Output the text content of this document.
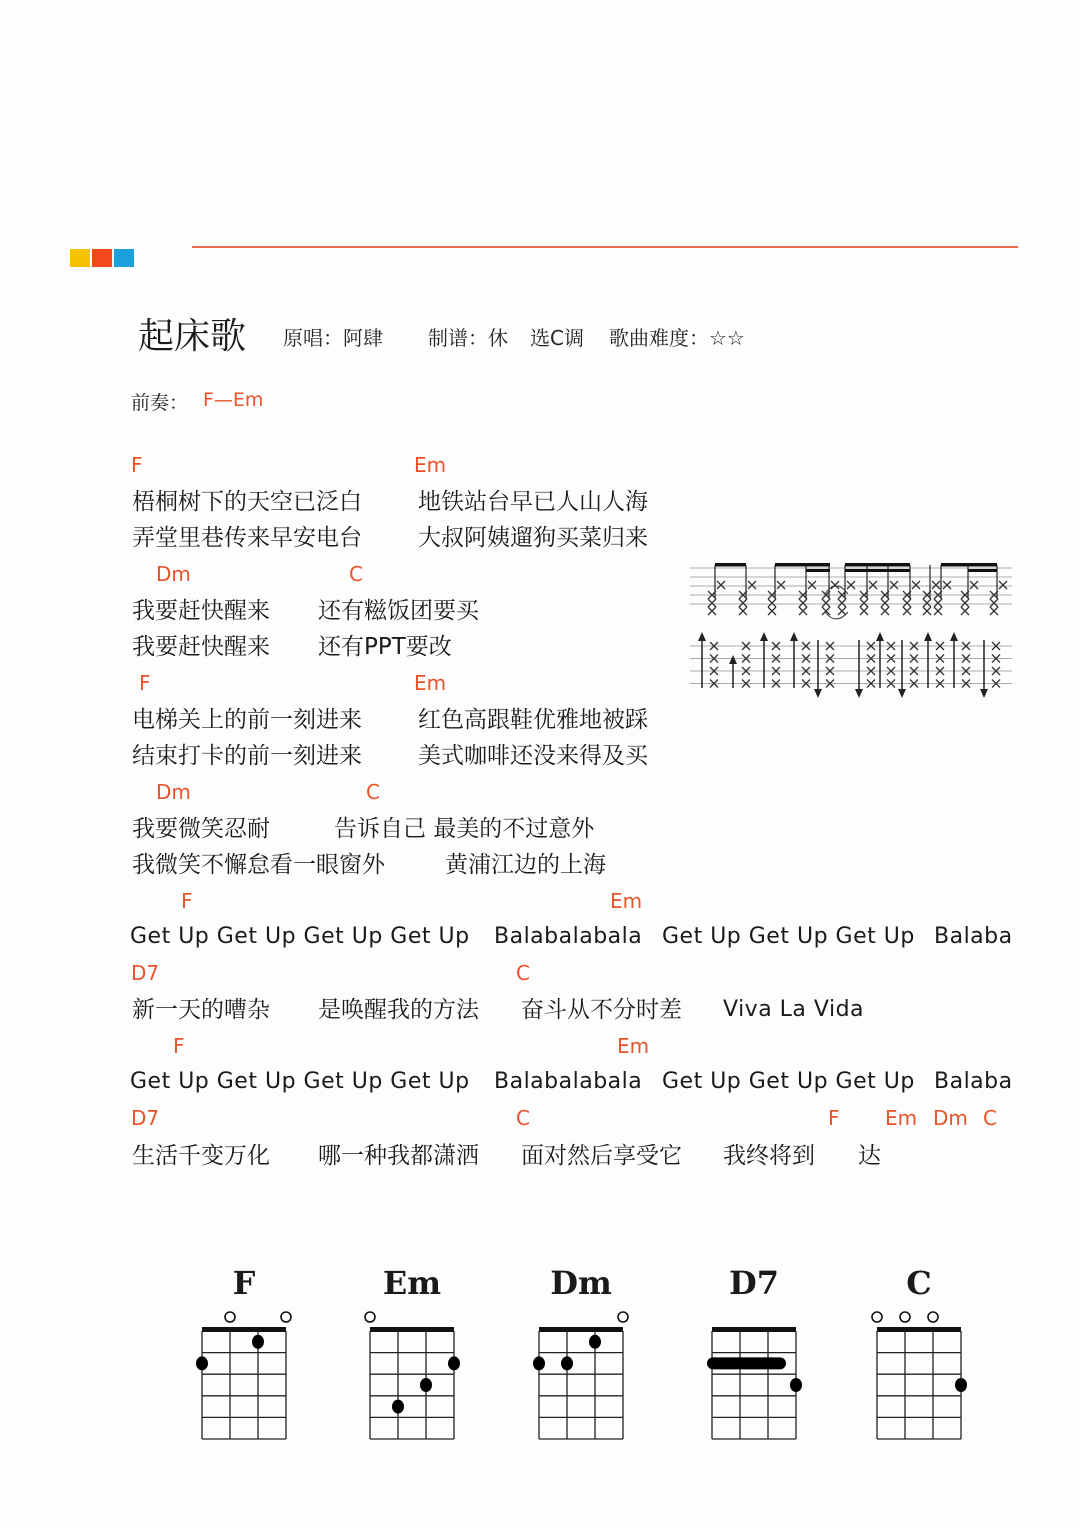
起床歌 原唱：阿肆 制谱：休 选C调 歌曲难度：☆☆
前奏： F—Em
F	Em
梧桐树下的天空已泛白 地铁站台早已人山人海
弄堂里巷传来早安电台 大叔阿姨遛狗买菜归来
Dm	C
我要赶快醒来 还有糍饭团要买
我要赶快醒来 还有PPT要改
F	Em
电梯关上的前一刻进来 红色高跟鞋优雅地被踩
结束打卡的前一刻进来 美式咖啡还没来得及买
Dm	C
我要微笑忍耐	告诉自己 最美的不过意外
我微笑不懈怠看一眼窗外	黄浦江边的上海
F	Em
Get Up Get Up Get Up Get Up Balabalabala Get Up Get Up Get Up Balaba
D7	C
新一天的嘈杂 是唤醒我的方法 奋斗从不分时差 Viva La Vida
F	Em
Get Up Get Up Get Up Get Up Balabalabala Get Up Get Up Get Up Balaba
D7	C	F Em Dm C
生活千变万化 哪一种我都潇洒 面对然后享受它 我终将到 达
F	Em	Dm	D7	C
